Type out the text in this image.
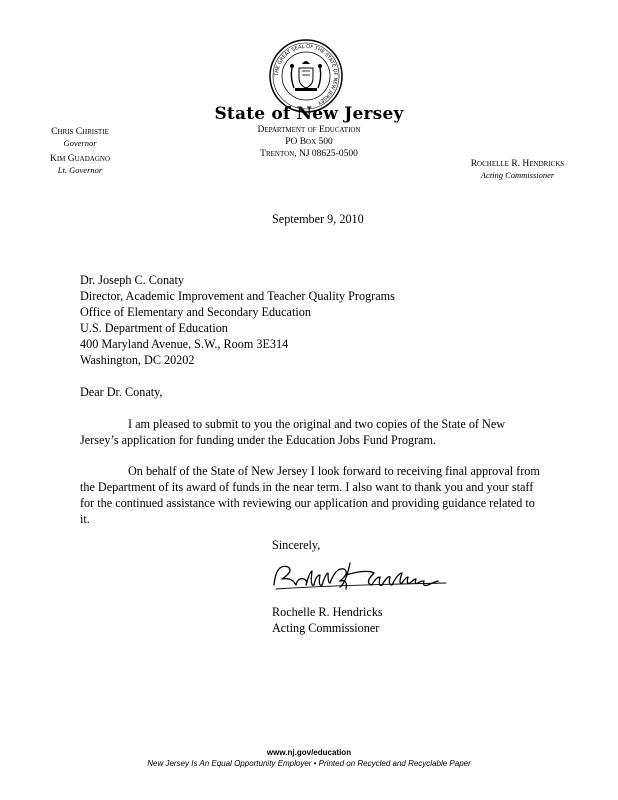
THE GREAT SEAL OF THE STATE OF NEW JERSEY
State of New Jersey
Department of Education
PO Box 500
Trenton, NJ 08625-0500
Chris Christie
Governor
Kim Guadagno
Lt. Governor
Rochelle R. Hendricks
Acting Commissioner
September 9, 2010
Dr. Joseph C. Conaty
Director, Academic Improvement and Teacher Quality Programs
Office of Elementary and Secondary Education
U.S. Department of Education
400 Maryland Avenue, S.W., Room 3E314
Washington, DC 20202
Dear Dr. Conaty,
I am pleased to submit to you the original and two copies of the State of New Jersey’s application for funding under the Education Jobs Fund Program.
On behalf of the State of New Jersey I look forward to receiving final approval from the Department of its award of funds in the near term. I also want to thank you and your staff for the continued assistance with reviewing our application and providing guidance related to it.
Sincerely,
Rochelle R. Hendricks
Acting Commissioner
www.nj.gov/education
New Jersey Is An Equal Opportunity Employer • Printed on Recycled and Recyclable Paper
